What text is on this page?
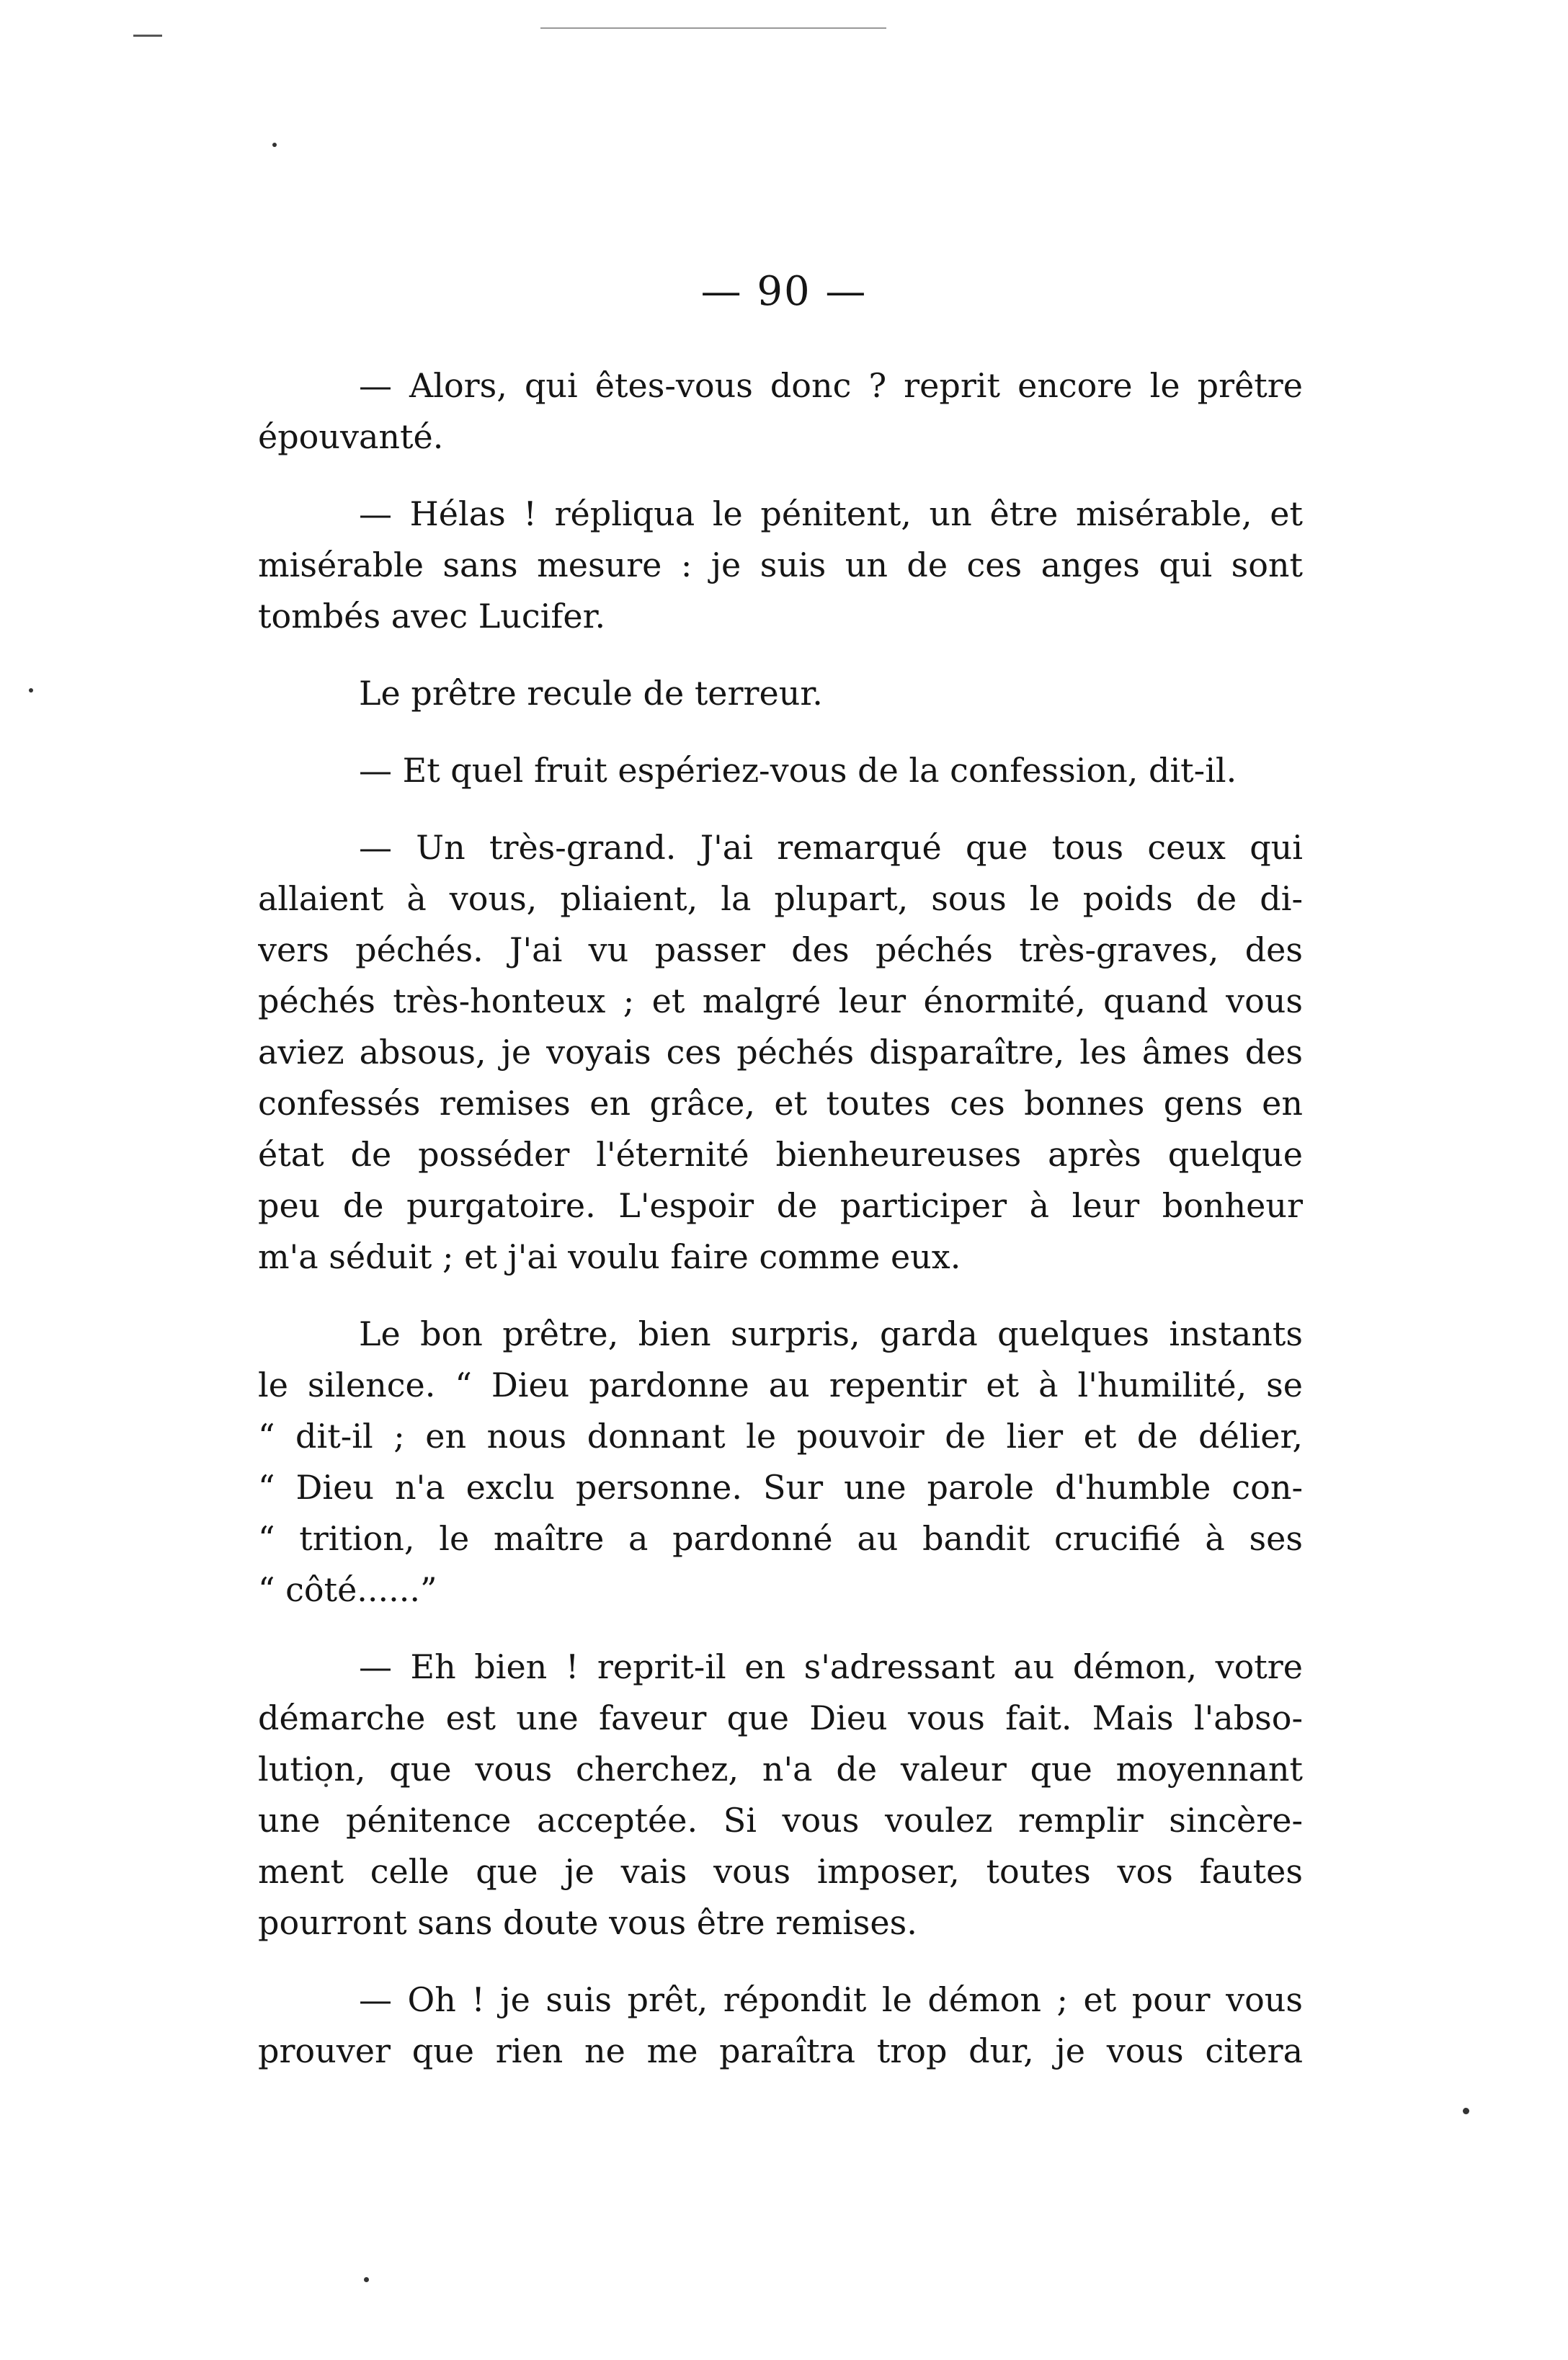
— 90 —
— Alors, qui êtes-vous donc ? reprit encore le prêtre
épouvanté.
— Hélas ! répliqua le pénitent, un être misérable, et
misérable sans mesure : je suis un de ces anges qui sont
tombés avec Lucifer.
Le prêtre recule de terreur.
— Et quel fruit espériez-vous de la confession, dit-il.
— Un très-grand. J'ai remarqué que tous ceux qui
allaient à vous, pliaient, la plupart, sous le poids de di-
vers péchés. J'ai vu passer des péchés très-graves, des
péchés très-honteux ; et malgré leur énormité, quand vous
aviez absous, je voyais ces péchés disparaître, les âmes des
confessés remises en grâce, et toutes ces bonnes gens en
état de posséder l'éternité bienheureuses après quelque
peu de purgatoire. L'espoir de participer à leur bonheur
m'a séduit ; et j'ai voulu faire comme eux.
Le bon prêtre, bien surpris, garda quelques instants
le silence. “ Dieu pardonne au repentir et à l'humilité, se
“ dit-il ; en nous donnant le pouvoir de lier et de délier,
“ Dieu n'a exclu personne. Sur une parole d'humble con-
“ trition, le maître a pardonné au bandit crucifié à ses
“ côté......”
— Eh bien ! reprit-il en s'adressant au démon, votre
démarche est une faveur que Dieu vous fait. Mais l'abso-
lution, que vous cherchez, n'a de valeur que moyennant
une pénitence acceptée. Si vous voulez remplir sincère-
ment celle que je vais vous imposer, toutes vos fautes
pourront sans doute vous être remises.
— Oh ! je suis prêt, répondit le démon ; et pour vous
prouver que rien ne me paraîtra trop dur, je vous citera
